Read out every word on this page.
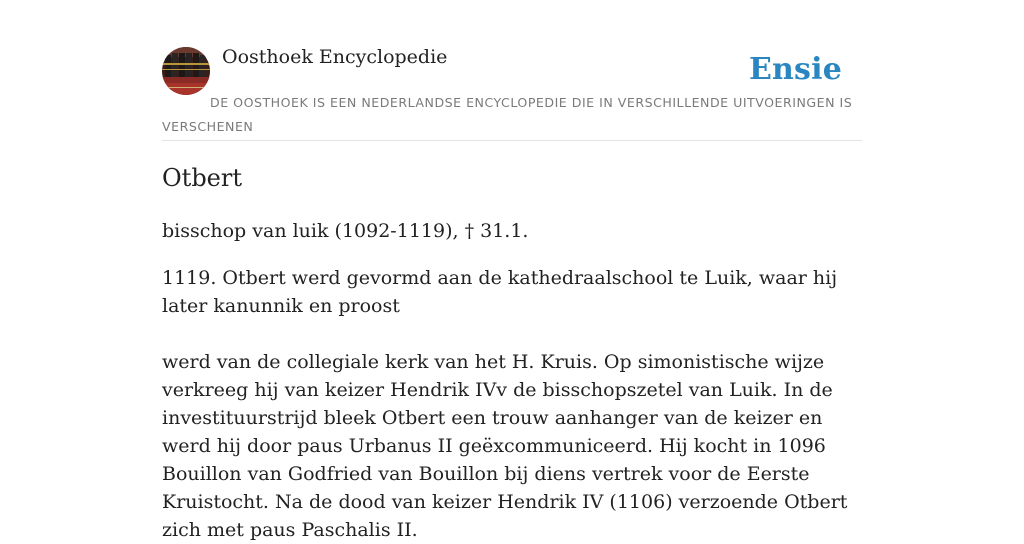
Oosthoek Encyclopedie	Ensie
DE OOSTHOEK IS EEN NEDERLANDSE ENCYCLOPEDIE DIE IN VERSCHILLENDE UITVOERINGEN IS VERSCHENEN
Otbert

bisschop van luik (1092-1119), † 31.1.

1119. Otbert werd gevormd aan de kathedraalschool te Luik, waar hij later kanunnik en proost

werd van de collegiale kerk van het H. Kruis. Op simonistische wijze verkreeg hij van keizer Hendrik IVv de bisschopszetel van Luik. In de investituurstrijd bleek Otbert een trouw aanhanger van de keizer en werd hij door paus Urbanus II geëxcommuniceerd. Hij kocht in 1096 Bouillon van Godfried van Bouillon bij diens vertrek voor de Eerste Kruistocht. Na de dood van keizer Hendrik IV (1106) verzoende Otbert zich met paus Paschalis II.
